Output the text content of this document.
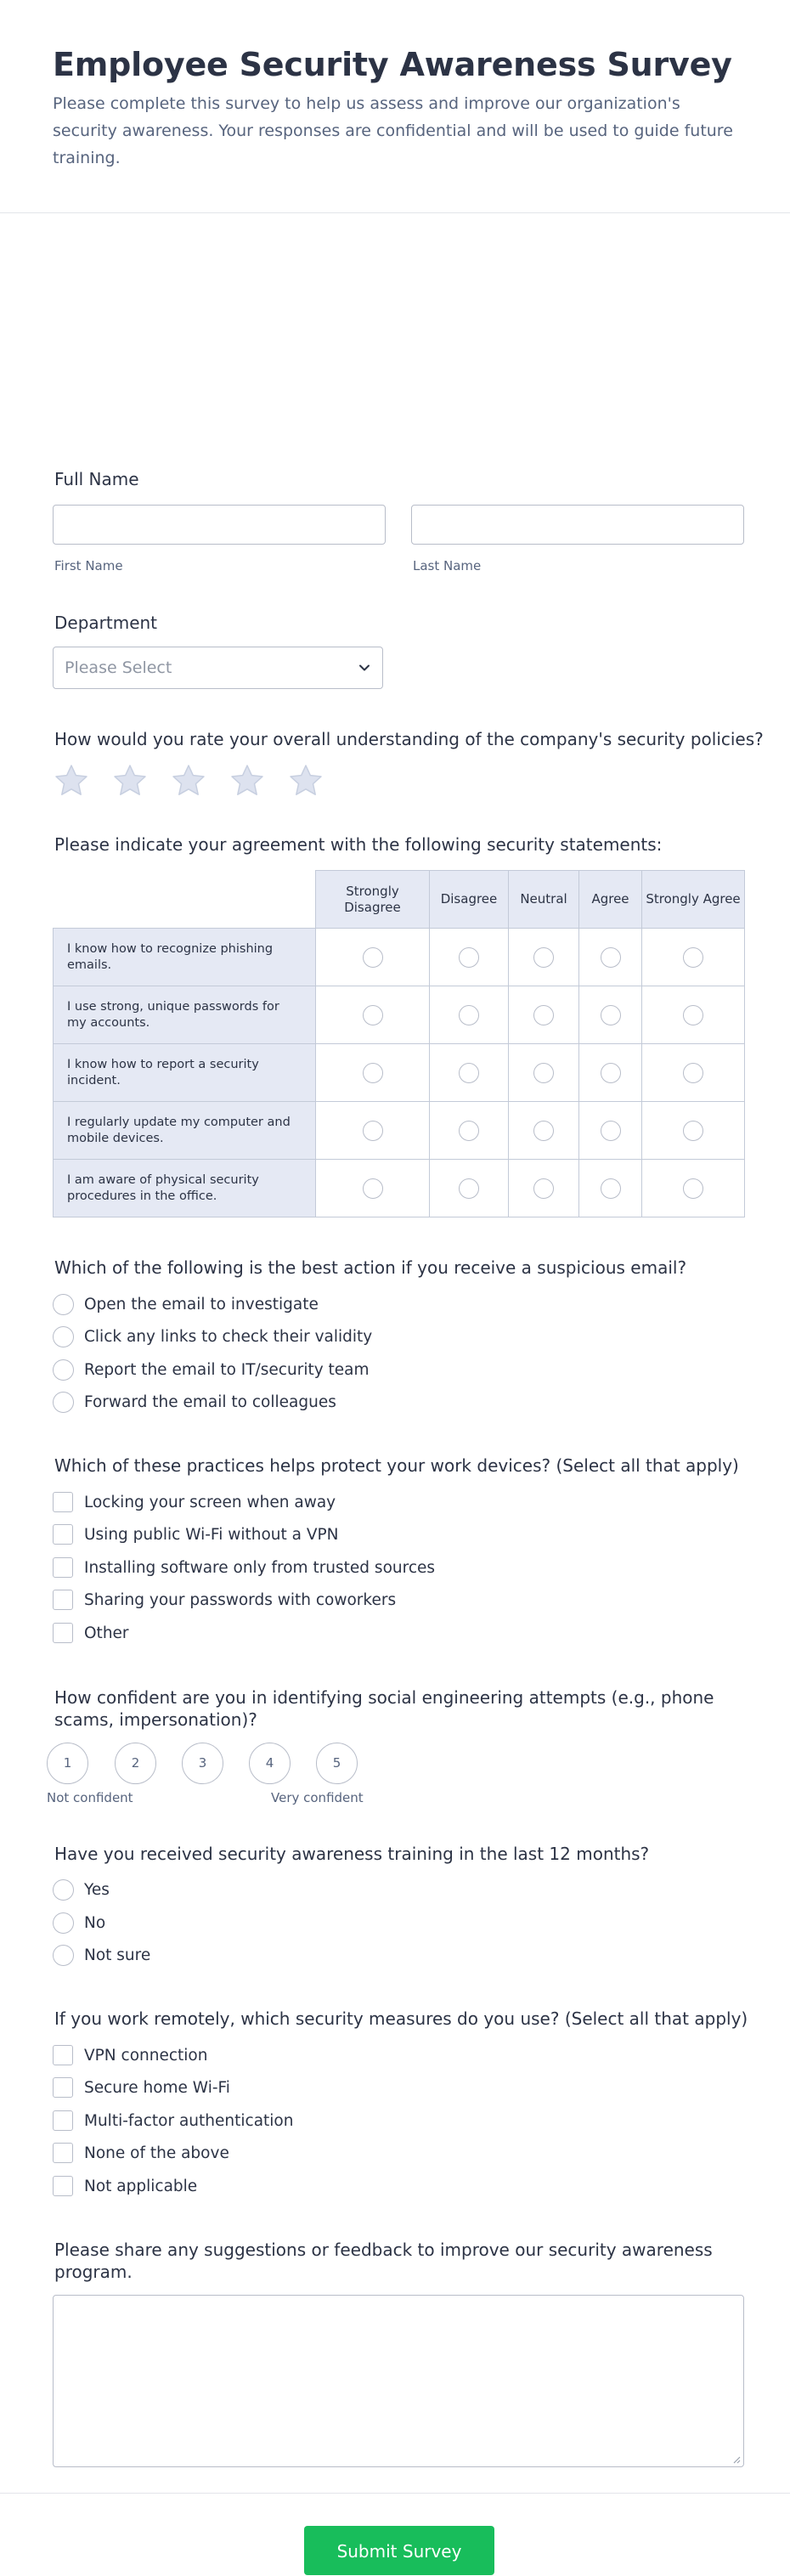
Employee Security Awareness Survey

Please complete this survey to help us assess and improve our organization's security awareness. Your responses are confidential and will be used to guide future training.

Full Name
First Name	Last Name
Department
Please Select
How would you rate your overall understanding of the company's security policies?
Please indicate your agreement with the following security statements:
	Strongly Disagree	Disagree	Neutral	Agree	Strongly Agree
I know how to recognize phishing emails.					
I use strong, unique passwords for my accounts.					
I know how to report a security incident.					
I regularly update my computer and mobile devices.					
I am aware of physical security procedures in the office.					
Which of the following is the best action if you receive a suspicious email?
Open the email to investigate
Click any links to check their validity
Report the email to IT/security team
Forward the email to colleagues
Which of these practices helps protect your work devices? (Select all that apply)
Locking your screen when away
Using public Wi-Fi without a VPN
Installing software only from trusted sources
Sharing your passwords with coworkers
Other
How confident are you in identifying social engineering attempts (e.g., phone scams, impersonation)?
1	2	3	4	5
Not confident	Very confident
Have you received security awareness training in the last 12 months?
Yes
No
Not sure
If you work remotely, which security measures do you use? (Select all that apply)
VPN connection
Secure home Wi-Fi
Multi-factor authentication
None of the above
Not applicable
Please share any suggestions or feedback to improve our security awareness program.
Submit Survey
